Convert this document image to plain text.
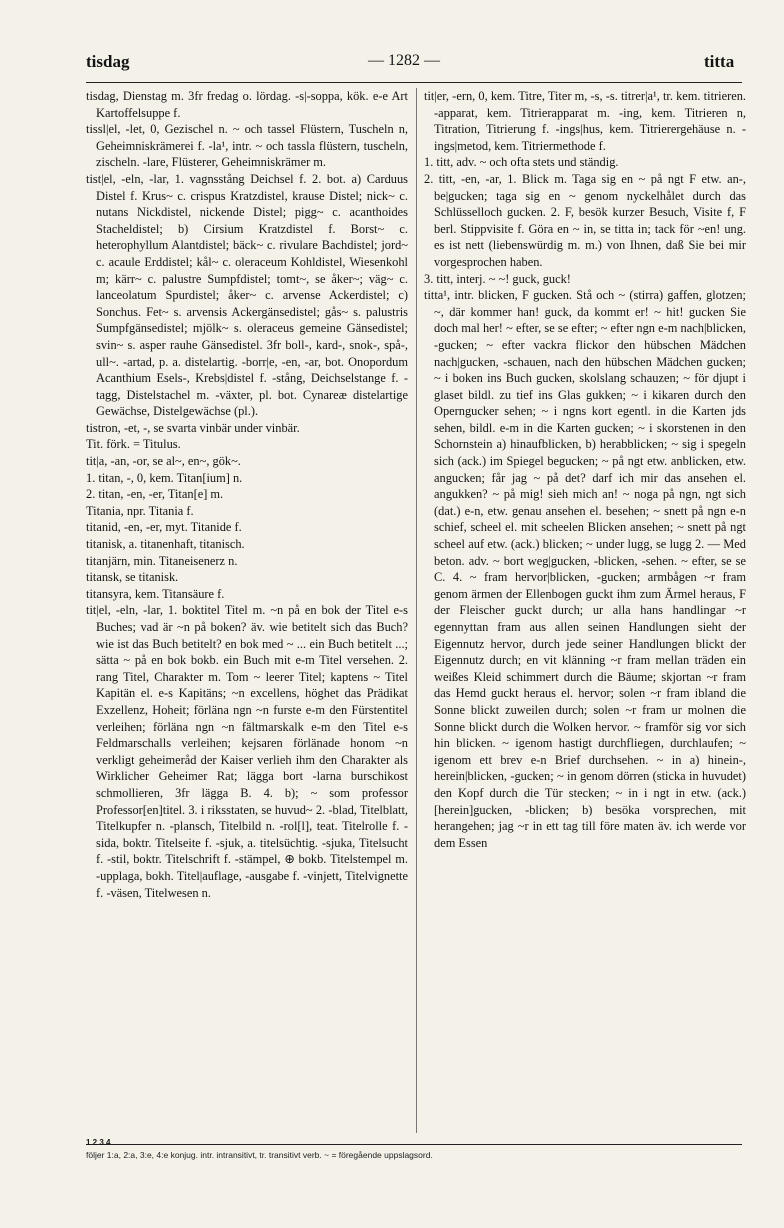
tisdag	— 1282 —	titta

tisdag, Dienstag m. 3fr fredag o. lördag. -s|-soppa, kök. e-e Art Kartoffelsuppe f.

tissl|el, -let, 0, Gezischel n. ~ och tassel Flüstern, Tuscheln n, Geheimniskrämerei f. -la¹, intr. ~ och tassla flüstern, tuscheln, zischeln. -lare, Flüsterer, Geheimniskrämer m.

tist|el, -eln, -lar, 1. vagnsstång Deichsel f. 2. bot. a) Carduus Distel f. Krus~ c. crispus Kratzdistel, krause Distel; nick~ c. nutans Nickdistel, nickende Distel; pigg~ c. acanthoides Stacheldistel; b) Cirsium Kratzdistel f. Borst~ c. heterophyllum Alantdistel; bäck~ c. rivulare Bachdistel; jord~ c. acaule Erddistel; kål~ c. oleraceum Kohldistel, Wiesenkohl m; kärr~ c. palustre Sumpfdistel; tomt~, se åker~; väg~ c. lanceolatum Spurdistel; åker~ c. arvense Ackerdistel; c) Sonchus. Fet~ s. arvensis Ackergänsedistel; gås~ s. palustris Sumpfgänsedistel; mjölk~ s. oleraceus gemeine Gänsedistel; svin~ s. asper rauhe Gänsedistel. 3fr boll-, kard-, snok-, spå-, ull~. -artad, p. a. distelartig. -borr|e, -en, -ar, bot. Onopordum Acanthium Esels-, Krebs|distel f. -stång, Deichselstange f. -tagg, Distelstachel m. -växter, pl. bot. Cynareæ distelartige Gewächse, Distelgewächse (pl.).

tistron, -et, -, se svarta vinbär under vinbär.

Tit. förk. = Titulus.

tit|a, -an, -or, se al~, en~, gök~.

1. titan, -, 0, kem. Titan[ium] n.

2. titan, -en, -er, Titan[e] m.

Titania, npr. Titania f.

titanid, -en, -er, myt. Titanide f.

titanisk, a. titanenhaft, titanisch.

titanjärn, min. Titaneisenerz n.

titansk, se titanisk.

titansyra, kem. Titansäure f.

tit|el, -eln, -lar, 1. boktitel Titel m. ~n på en bok der Titel e-s Buches; vad är ~n på boken? äv. wie betitelt sich das Buch? wie ist das Buch betitelt? en bok med ~ ... ein Buch betitelt ...; sätta ~ på en bok bokb. ein Buch mit e-m Titel versehen. 2. rang Titel, Charakter m. Tom ~ leerer Titel; kaptens ~ Titel Kapitän el. e-s Kapitäns; ~n excellens, höghet das Prädikat Exzellenz, Hoheit; förläna ngn ~n furste e-m den Fürstentitel verleihen; förläna ngn ~n fältmarskalk e-m den Titel e-s Feldmarschalls verleihen; kejsaren förlänade honom ~n verkligt geheimeråd der Kaiser verlieh ihm den Charakter als Wirklicher Geheimer Rat; lägga bort -larna burschikost schmollieren, 3fr lägga B. 4. b); ~ som professor Professor[en]titel. 3. i riksstaten, se huvud~ 2. -blad, Titelblatt, Titelkupfer n. -plansch, Titelbild n. -rol[l], teat. Titelrolle f. -sida, boktr. Titelseite f. -sjuk, a. titelsüchtig. -sjuka, Titelsucht f. -stil, boktr. Titelschrift f. -stämpel, ⊕ bokb. Titelstempel m. -upplaga, bokh. Titel|auflage, -ausgabe f. -vinjett, Titelvignette f. -väsen, Titelwesen n.

tit|er, -ern, 0, kem. Titre, Titer m, -s, -s. titrer|a¹, tr. kem. titrieren. -apparat, kem. Titrierapparat m. -ing, kem. Titrieren n, Titration, Titrierung f. -ings|hus, kem. Titrierergehäuse n. -ings|metod, kem. Titriermethode f.

1. titt, adv. ~ och ofta stets und ständig.

2. titt, -en, -ar, 1. Blick m. Taga sig en ~ på ngt F etw. an-, be|gucken; taga sig en ~ genom nyckelhålet durch das Schlüsselloch gucken. 2. F, besök kurzer Besuch, Visite f, F berl. Stippvisite f. Göra en ~ in, se titta in; tack för ~en! ung. es ist nett (liebenswürdig m. m.) von Ihnen, daß Sie bei mir vorgesprochen haben.

3. titt, interj. ~ ~! guck, guck!

titta¹, intr. blicken, F gucken. Stå och ~ (stirra) gaffen, glotzen; ~, där kommer han! guck, da kommt er! ~ hit! gucken Sie doch mal her! ~ efter, se se efter; ~ efter ngn e-m nach|blicken, -gucken; ~ efter vackra flickor den hübschen Mädchen nach|gucken, -schauen, nach den hübschen Mädchen gucken; ~ i boken ins Buch gucken, skolslang schauzen; ~ för djupt i glaset bildl. zu tief ins Glas gukken; ~ i kikaren durch den Operngucker sehen; ~ i ngns kort egentl. in die Karten jds sehen, bildl. e-m in die Karten gucken; ~ i skorstenen in den Schornstein a) hinaufblicken, b) herabblicken; ~ sig i spegeln sich (ack.) im Spiegel begucken; ~ på ngt etw. anblicken, etw. angucken; får jag ~ på det? darf ich mir das ansehen el. angukken? ~ på mig! sieh mich an! ~ noga på ngn, ngt sich (dat.) e-n, etw. genau ansehen el. besehen; ~ snett på ngn e-n schief, scheel el. mit scheelen Blicken ansehen; ~ snett på ngt scheel auf etw. (ack.) blicken; ~ under lugg, se lugg 2. — Med beton. adv. ~ bort weg|gucken, -blicken, -sehen. ~ efter, se se C. 4. ~ fram hervor|blicken, -gucken; armbågen ~r fram genom ärmen der Ellenbogen guckt ihm zum Ärmel heraus, F der Fleischer guckt durch; ur alla hans handlingar ~r egennyttan fram aus allen seinen Handlungen sieht der Eigennutz hervor, durch jede seiner Handlungen blickt der Eigennutz durch; en vit klänning ~r fram mellan träden ein weißes Kleid schimmert durch die Bäume; skjortan ~r fram das Hemd guckt heraus el. hervor; solen ~r fram ibland die Sonne blickt zuweilen durch; solen ~r fram ur molnen die Sonne blickt durch die Wolken hervor. ~ framför sig vor sich hin blicken. ~ igenom hastigt durchfliegen, durchlaufen; ~ igenom ett brev e-n Brief durchsehen. ~ in a) hinein-, herein|blicken, -gucken; ~ in genom dörren (sticka in huvudet) den Kopf durch die Tür stecken; ~ in i ngt in etw. (ack.) [herein]gucken, -blicken; b) besöka vorsprechen, mit herangehen; jag ~r in ett tag till före maten äv. ich werde vor dem Essen

1 2 3 4
följer 1:a, 2:a, 3:e, 4:e konjug. intr. intransitivt, tr. transitivt verb. ~ = föregående uppslagsord.
